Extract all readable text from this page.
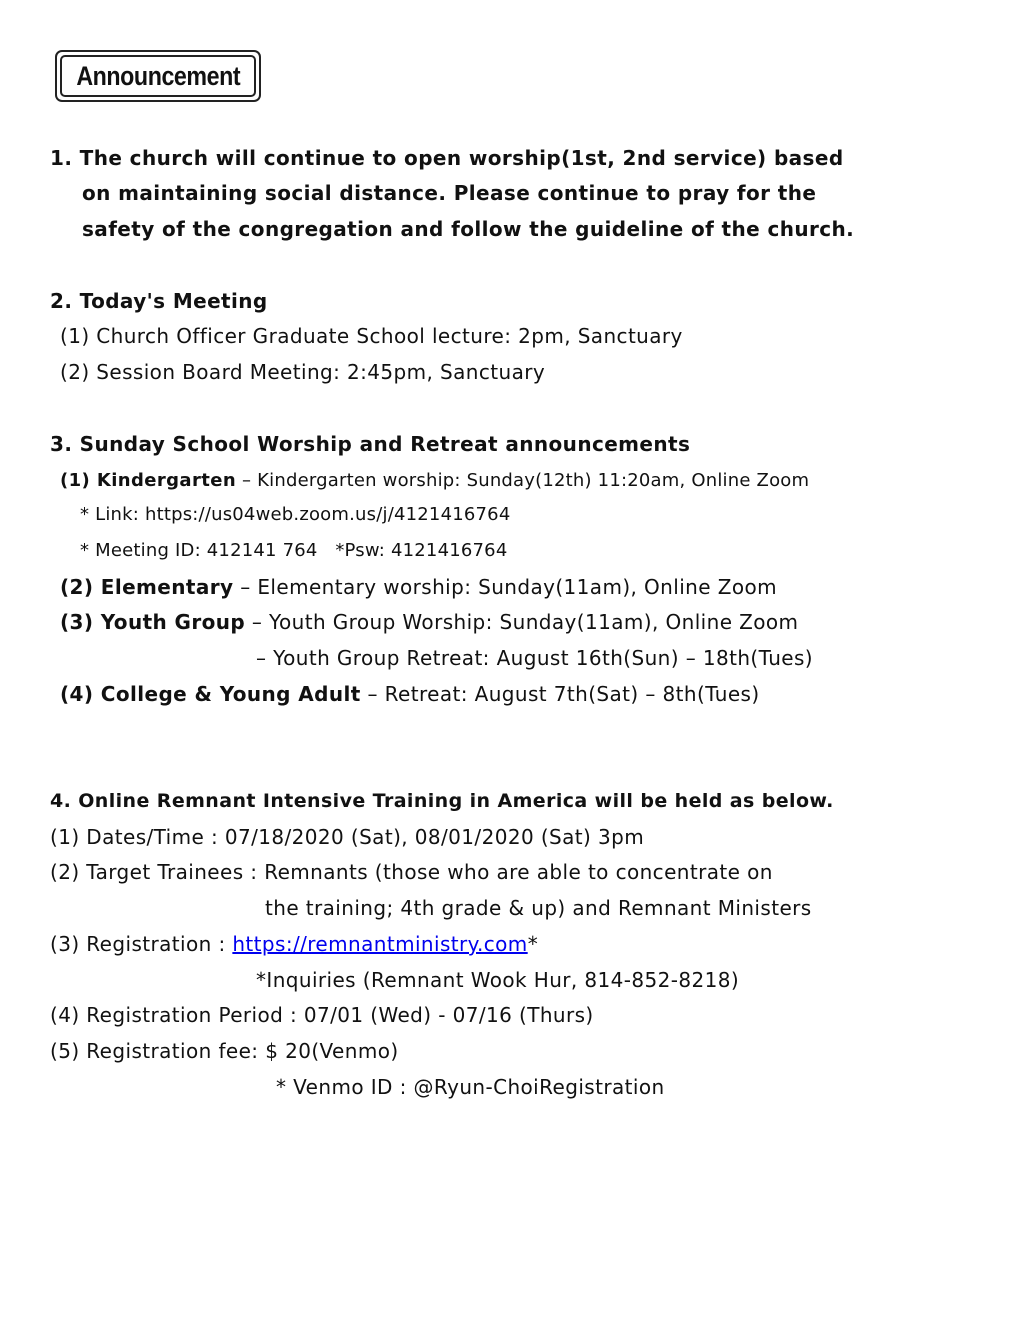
Announcement
1. The church will continue to open worship(1st, 2nd service) based
on maintaining social distance. Please continue to pray for the
safety of the congregation and follow the guideline of the church.
2. Today's Meeting
(1) Church Officer Graduate School lecture: 2pm, Sanctuary
(2) Session Board Meeting: 2:45pm, Sanctuary
3. Sunday School Worship and Retreat announcements
(1) Kindergarten – Kindergarten worship: Sunday(12th) 11:20am, Online Zoom
* Link: https://us04web.zoom.us/j/4121416764
* Meeting ID: 412141 764   *Psw: 4121416764
(2) Elementary – Elementary worship: Sunday(11am), Online Zoom
(3) Youth Group – Youth Group Worship: Sunday(11am), Online Zoom
– Youth Group Retreat: August 16th(Sun) – 18th(Tues)
(4) College & Young Adult – Retreat: August 7th(Sat) – 8th(Tues)
4. Online Remnant Intensive Training in America will be held as below.
(1) Dates/Time : 07/18/2020 (Sat), 08/01/2020 (Sat) 3pm
(2) Target Trainees : Remnants (those who are able to concentrate on
the training; 4th grade & up) and Remnant Ministers
(3) Registration : https://remnantministry.com*
*Inquiries (Remnant Wook Hur, 814-852-8218)
(4) Registration Period : 07/01 (Wed) - 07/16 (Thurs)
(5) Registration fee: $ 20(Venmo)
* Venmo ID : @Ryun-ChoiRegistration
